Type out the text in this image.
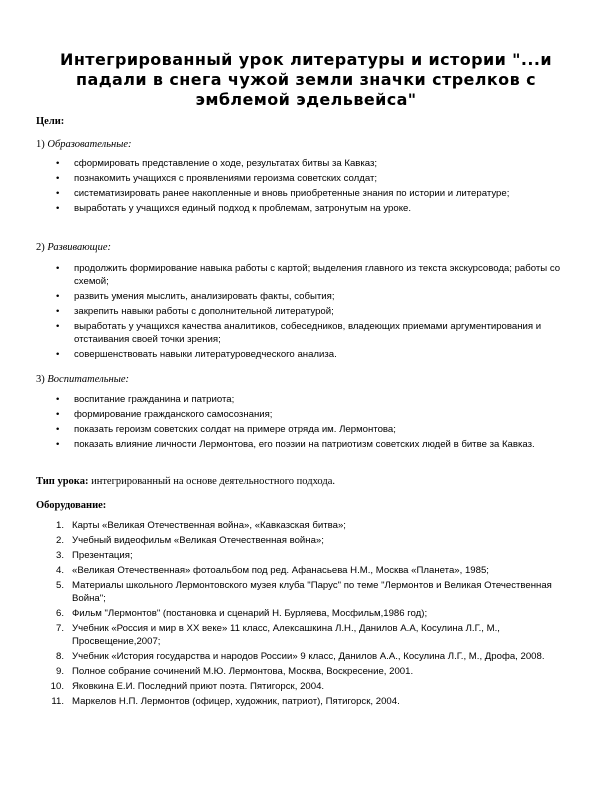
Интегрированный урок литературы и истории "...и падали в снега чужой земли значки стрелков с эмблемой эдельвейса"
Цели:
1) Образовательные:
• сформировать представление о ходе, результатах битвы за Кавказ;
• познакомить учащихся с проявлениями героизма советских солдат;
• систематизировать ранее накопленные и вновь приобретенные знания по истории и литературе;
• выработать у учащихся единый подход к проблемам, затронутым на уроке.
2) Развивающие:
• продолжить формирование навыка работы с картой; выделения главного из текста экскурсовода; работы со схемой;
• развить умения мыслить, анализировать факты, события;
• закрепить навыки работы с дополнительной литературой;
• выработать у учащихся качества аналитиков, собеседников, владеющих приемами аргументирования и отстаивания своей точки зрения;
• совершенствовать навыки литературоведческого анализа.
3) Воспитательные:
• воспитание гражданина и патриота;
• формирование гражданского самосознания;
• показать героизм советских солдат на примере отряда им. Лермонтова;
• показать влияние личности Лермонтова, его поэзии на патриотизм советских людей в битве за Кавказ.
Тип урока: интегрированный на основе деятельностного подхода.
Оборудование:
1. Карты «Великая Отечественная война», «Кавказская битва»;
2. Учебный видеофильм «Великая Отечественная война»;
3. Презентация;
4. «Великая Отечественная» фотоальбом под ред. Афанасьева Н.М., Москва «Планета», 1985;
5. Материалы школьного Лермонтовского музея клуба "Парус" по теме "Лермонтов и Великая Отечественная Война";
6. Фильм "Лермонтов" (постановка и сценарий Н. Бурляева, Мосфильм,1986 год);
7. Учебник «Россия и мир в XX веке» 11 класс, Алексашкина Л.Н., Данилов А.А, Косулина Л.Г., М., Просвещение,2007;
8. Учебник «История государства и народов России» 9 класс, Данилов А.А., Косулина Л.Г., М., Дрофа, 2008.
9. Полное собрание сочинений М.Ю. Лермонтова, Москва, Воскресение, 2001.
10. Яковкина Е.И. Последний приют поэта. Пятигорск, 2004.
11. Маркелов Н.П. Лермонтов (офицер, художник, патриот), Пятигорск, 2004.
